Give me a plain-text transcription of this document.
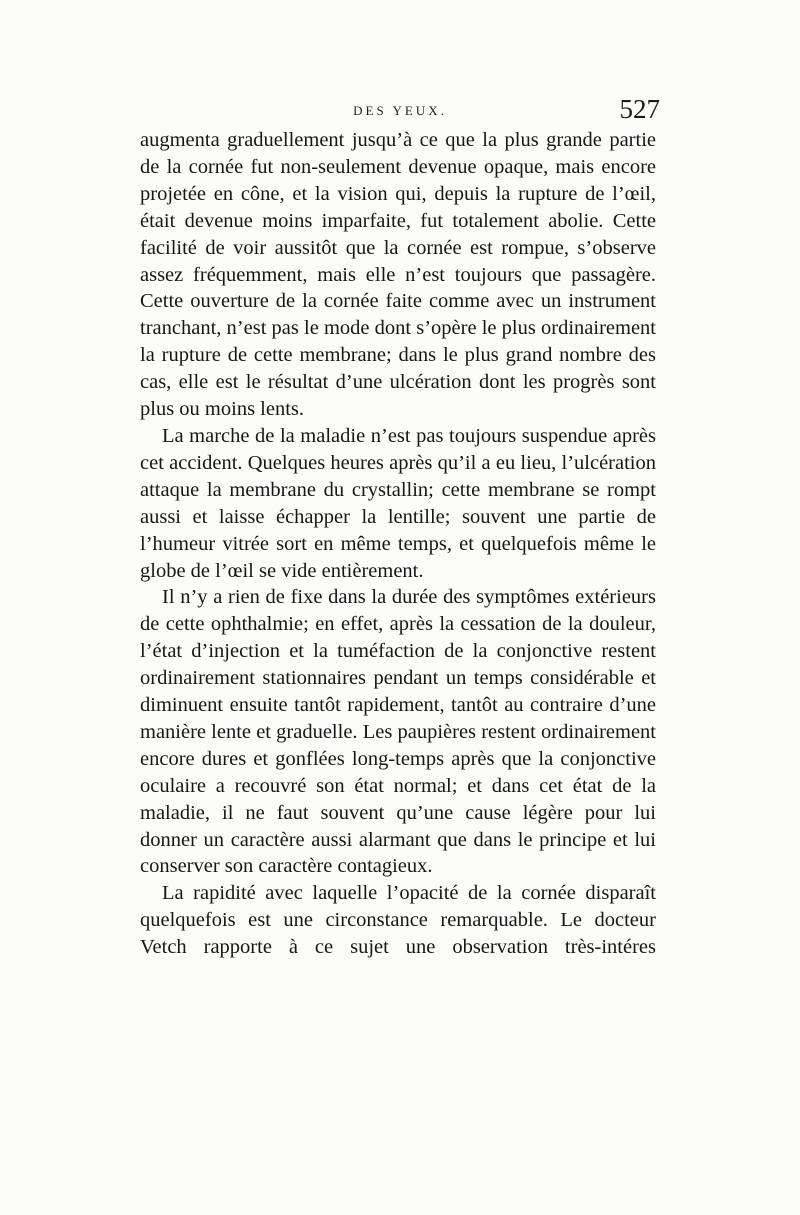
DES YEUX.	527

augmenta graduellement jusqu’à ce que la plus grande partie de la cornée fut non-seulement devenue opaque, mais encore projetée en cône, et la vision qui, depuis la rupture de l’œil, était devenue moins imparfaite, fut totalement abolie. Cette facilité de voir aussitôt que la cornée est rompue, s’observe assez fréquemment, mais elle n’est toujours que passagère. Cette ouverture de la cornée faite comme avec un instrument tranchant, n’est pas le mode dont s’opère le plus ordinairement la rupture de cette membrane; dans le plus grand nombre des cas, elle est le résultat d’une ulcération dont les progrès sont plus ou moins lents.

La marche de la maladie n’est pas toujours suspendue après cet accident. Quelques heures après qu’il a eu lieu, l’ulcération attaque la membrane du crystallin; cette membrane se rompt aussi et laisse échapper la lentille; souvent une partie de l’humeur vitrée sort en même temps, et quelquefois même le globe de l’œil se vide entièrement.

Il n’y a rien de fixe dans la durée des symptômes extérieurs de cette ophthalmie; en effet, après la cessation de la douleur, l’état d’injection et la tuméfaction de la conjonctive restent ordinairement stationnaires pendant un temps considérable et diminuent ensuite tantôt rapidement, tantôt au contraire d’une manière lente et graduelle. Les paupières restent ordinairement encore dures et gonflées long-temps après que la conjonctive oculaire a recouvré son état normal; et dans cet état de la maladie, il ne faut souvent qu’une cause légère pour lui donner un caractère aussi alarmant que dans le principe et lui conserver son caractère contagieux.

La rapidité avec laquelle l’opacité de la cornée disparaît quelquefois est une circonstance remarquable. Le docteur Vetch rapporte à ce sujet une observation très-intéres
